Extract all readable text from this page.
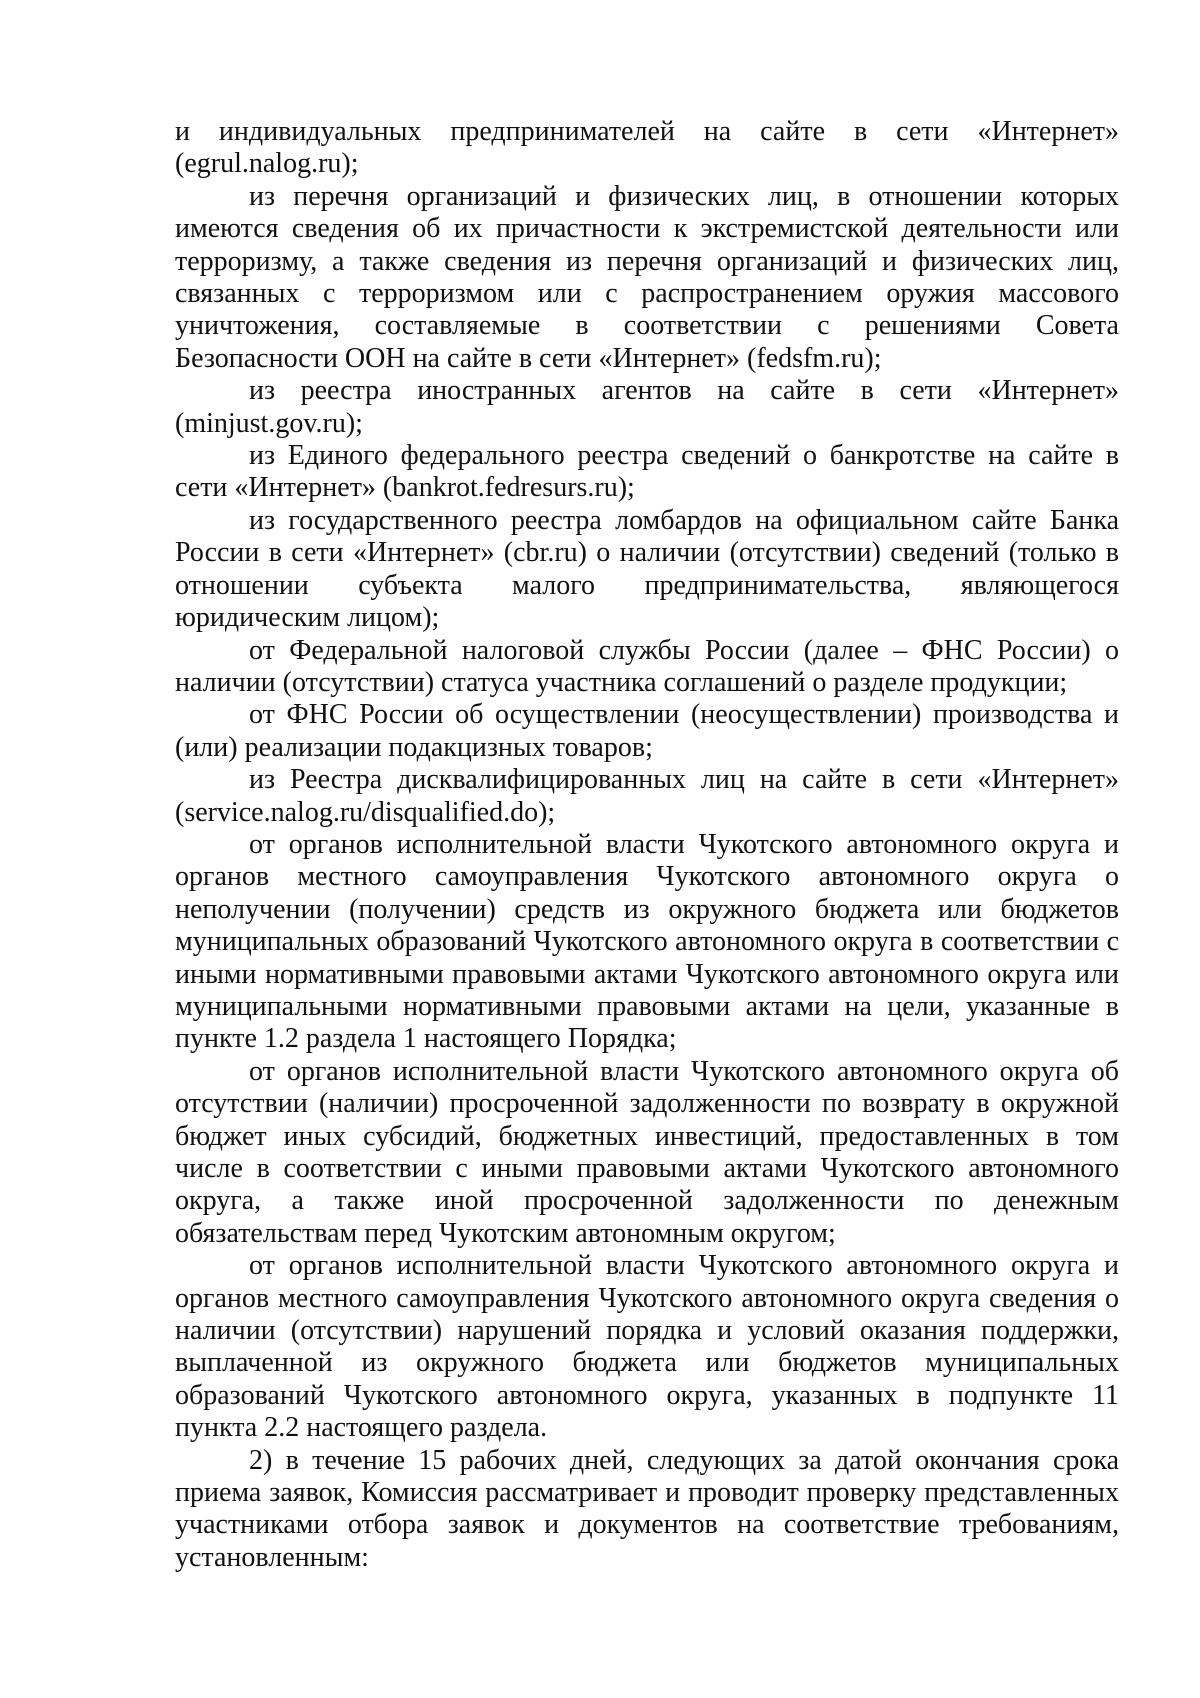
и индивидуальных предпринимателей на сайте в сети «Интернет» (egrul.nalog.ru);

из перечня организаций и физических лиц, в отношении которых имеются сведения об их причастности к экстремистской деятельности или терроризму, а также сведения из перечня организаций и физических лиц, связанных с терроризмом или с распространением оружия массового уничтожения, составляемые в соответствии с решениями Совета Безопасности ООН на сайте в сети «Интернет» (fedsfm.ru);

из реестра иностранных агентов на сайте в сети «Интернет» (minjust.gov.ru);

из Единого федерального реестра сведений о банкротстве на сайте в сети «Интернет» (bankrot.fedresurs.ru);

из государственного реестра ломбардов на официальном сайте Банка России в сети «Интернет» (cbr.ru) о наличии (отсутствии) сведений (только в отношении субъекта малого предпринимательства, являющегося юридическим лицом);

от Федеральной налоговой службы России (далее – ФНС России) о наличии (отсутствии) статуса участника соглашений о разделе продукции;

от ФНС России об осуществлении (неосуществлении) производства и (или) реализации подакцизных товаров;

из Реестра дисквалифицированных лиц на сайте в сети «Интернет» (service.nalog.ru/disqualified.do);

от органов исполнительной власти Чукотского автономного округа и органов местного самоуправления Чукотского автономного округа о неполучении (получении) средств из окружного бюджета или бюджетов муниципальных образований Чукотского автономного округа в соответствии с иными нормативными правовыми актами Чукотского автономного округа или муниципальными нормативными правовыми актами на цели, указанные в пункте 1.2 раздела 1 настоящего Порядка;

от органов исполнительной власти Чукотского автономного округа об отсутствии (наличии) просроченной задолженности по возврату в окружной бюджет иных субсидий, бюджетных инвестиций, предоставленных в том числе в соответствии с иными правовыми актами Чукотского автономного округа, а также иной просроченной задолженности по денежным обязательствам перед Чукотским автономным округом;

от органов исполнительной власти Чукотского автономного округа и органов местного самоуправления Чукотского автономного округа сведения о наличии (отсутствии) нарушений порядка и условий оказания поддержки, выплаченной из окружного бюджета или бюджетов муниципальных образований Чукотского автономного округа, указанных в подпункте 11 пункта 2.2 настоящего раздела.

2) в течение 15 рабочих дней, следующих за датой окончания срока приема заявок, Комиссия рассматривает и проводит проверку представленных участниками отбора заявок и документов на соответствие требованиям, установленным:
